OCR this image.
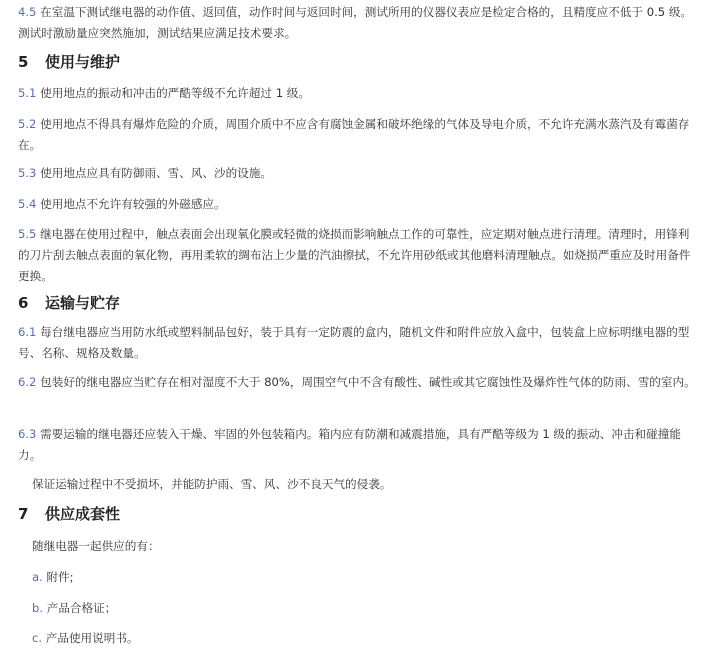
4.5 在室温下测试继电器的动作值、返回值，动作时间与返回时间，测试所用的仪器仪表应是检定合格的，且精度应不低于 0.5 级。测试时激励量应突然施加，测试结果应满足技术要求。
5 使用与维护
5.1 使用地点的振动和冲击的严酷等级不允许超过 1 级。
5.2 使用地点不得具有爆炸危险的介质，周围介质中不应含有腐蚀金属和破坏绝缘的气体及导电介质，不允许充满水蒸汽及有霉菌存在。
5.3 使用地点应具有防御雨、雪、风、沙的设施。
5.4 使用地点不允许有较强的外磁感应。
5.5 继电器在使用过程中，触点表面会出现氧化膜或轻微的烧损而影响触点工作的可靠性，应定期对触点进行清理。清理时，用锋利的刀片刮去触点表面的氧化物，再用柔软的绸布沾上少量的汽油擦拭，不允许用砂纸或其他磨料清理触点。如烧损严重应及时用备件更换。
6 运输与贮存
6.1 每台继电器应当用防水纸或塑料制品包好，装于具有一定防震的盒内，随机文件和附件应放入盒中，包装盒上应标明继电器的型号、名称、规格及数量。
6.2 包装好的继电器应当贮存在相对湿度不大于 80%，周围空气中不含有酸性、碱性或其它腐蚀性及爆炸性气体的防雨、雪的室内。
6.3 需要运输的继电器还应装入干燥、牢固的外包装箱内。箱内应有防潮和减震措施，具有严酷等级为 1 级的振动、冲击和碰撞能力。
保证运输过程中不受损坏，并能防护雨、雪、风、沙不良天气的侵袭。
7 供应成套性
随继电器一起供应的有：
a. 附件;
b. 产品合格证；
c. 产品使用说明书。
